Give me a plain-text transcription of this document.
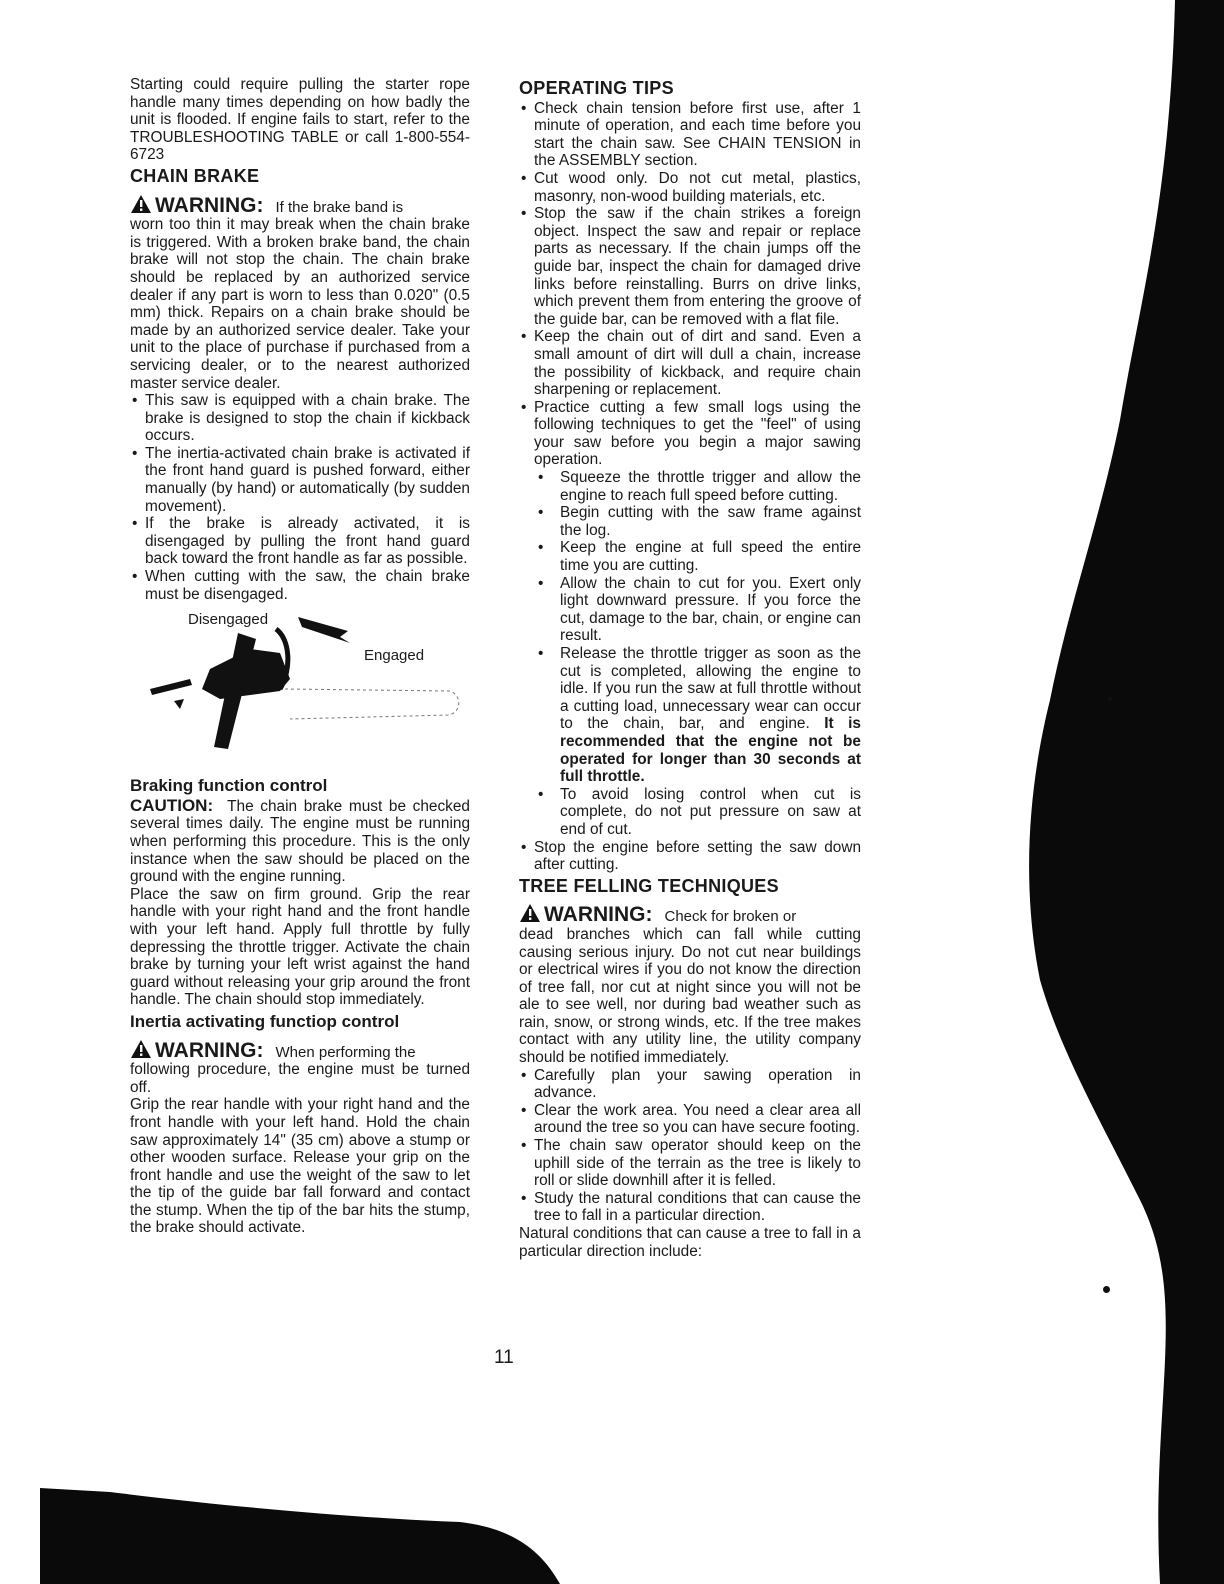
Starting could require pulling the starter rope handle many times depending on how badly the unit is flooded. If engine fails to start, refer to the TROUBLESHOOTING TABLE or call 1-800-554-6723

CHAIN BRAKE

WARNING: If the brake band is

worn too thin it may break when the chain brake is triggered. With a broken brake band, the chain brake will not stop the chain. The chain brake should be replaced by an authorized service dealer if any part is worn to less than 0.020" (0.5 mm) thick. Repairs on a chain brake should be made by an authorized service dealer. Take your unit to the place of purchase if purchased from a servicing dealer, or to the nearest authorized master service dealer.

• This saw is equipped with a chain brake. The brake is designed to stop the chain if kickback occurs.
• The inertia-activated chain brake is activated if the front hand guard is pushed forward, either manually (by hand) or automatically (by sudden movement).
• If the brake is already activated, it is disengaged by pulling the front hand guard back toward the front handle as far as possible.
• When cutting with the saw, the chain brake must be disengaged.
Disengaged
Engaged
Braking function control

CAUTION: The chain brake must be checked several times daily. The engine must be running when performing this procedure. This is the only instance when the saw should be placed on the ground with the engine running.

Place the saw on firm ground. Grip the rear handle with your right hand and the front handle with your left hand. Apply full throttle by fully depressing the throttle trigger. Activate the chain brake by turning your left wrist against the hand guard without releasing your grip around the front handle. The chain should stop immediately.

Inertia activating functiop control

WARNING: When performing the

following procedure, the engine must be turned off.

Grip the rear handle with your right hand and the front handle with your left hand. Hold the chain saw approximately 14" (35 cm) above a stump or other wooden surface. Release your grip on the front handle and use the weight of the saw to let the tip of the guide bar fall forward and contact the stump. When the tip of the bar hits the stump, the brake should activate.

OPERATING TIPS
• Check chain tension before first use, after 1 minute of operation, and each time before you start the chain saw. See CHAIN TENSION in the ASSEMBLY section.
• Cut wood only. Do not cut metal, plastics, masonry, non-wood building materials, etc.
• Stop the saw if the chain strikes a foreign object. Inspect the saw and repair or replace parts as necessary. If the chain jumps off the guide bar, inspect the chain for damaged drive links before reinstalling. Burrs on drive links, which prevent them from entering the groove of the guide bar, can be removed with a flat file.
• Keep the chain out of dirt and sand. Even a small amount of dirt will dull a chain, increase the possibility of kickback, and require chain sharpening or replacement.
• Practice cutting a few small logs using the following techniques to get the "feel" of using your saw before you begin a major sawing operation.
• Squeeze the throttle trigger and allow the engine to reach full speed before cutting.
• Begin cutting with the saw frame against the log.
• Keep the engine at full speed the entire time you are cutting.
• Allow the chain to cut for you. Exert only light downward pressure. If you force the cut, damage to the bar, chain, or engine can result.
• Release the throttle trigger as soon as the cut is completed, allowing the engine to idle. If you run the saw at full throttle without a cutting load, unnecessary wear can occur to the chain, bar, and engine. It is recommended that the engine not be operated for longer than 30 seconds at full throttle.
• To avoid losing control when cut is complete, do not put pressure on saw at end of cut.
• Stop the engine before setting the saw down after cutting.
TREE FELLING TECHNIQUES

WARNING: Check for broken or

dead branches which can fall while cutting causing serious injury. Do not cut near buildings or electrical wires if you do not know the direction of tree fall, nor cut at night since you will not be ale to see well, nor during bad weather such as rain, snow, or strong winds, etc. If the tree makes contact with any utility line, the utility company should be notified immediately.

• Carefully plan your sawing operation in advance.
• Clear the work area. You need a clear area all around the tree so you can have secure footing.
• The chain saw operator should keep on the uphill side of the terrain as the tree is likely to roll or slide downhill after it is felled.
• Study the natural conditions that can cause the tree to fall in a particular direction.

Natural conditions that can cause a tree to fall in a particular direction include:

11
